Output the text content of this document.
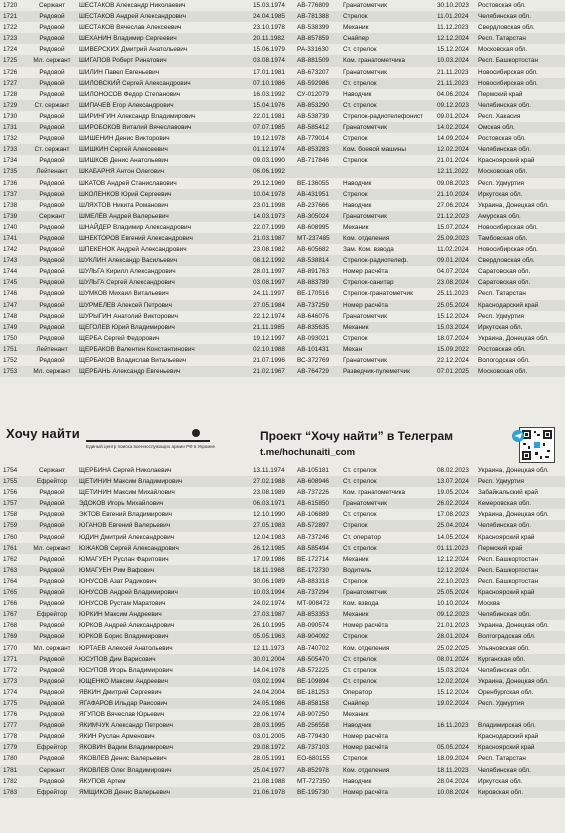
1720	Сержант	ШЕСТАКОВ Александр Николаевич	15.03.1974	АВ-776809	Гранатометчик	30.10.2023	Ростовская обл.
1721	Рядовой	ШЕСТАКОВ Андрей Александрович	24.04.1985	АВ-781388	Стрелок	11.01.2024	Челябинская обл.
1722	Рядовой	ШЕСТАКОВ Вячеслав Алексеевич	23.10.1978	АВ-538399	Механик	11.12.2023	Свердловская обл.
1723	Рядовой	ШЕХАНИН Владимир Сергеевич	20.11.1982	АВ-857859	Снайпер	12.12.2024	Респ. Татарстан
1724	Рядовой	ШИВЕРСКИХ Дмитрий Анатольевич	15.06.1979	РА-331630	Ст. стрелок	15.12.2024	Московская обл.
1725	Мл. сержант	ШИГАПОВ Роберт Ринатович	03.08.1974	АВ-881509	Ком. гранатометчика	10.03.2024	Респ. Башкортостан
1726	Рядовой	ШИЛИН Павел Евгеньевич	17.01.1981	АВ-673207	Гранатометчик	21.11.2023	Новосибирская обл.
1727	Рядовой	ШИЛОВСКИЙ Сергей Александрович	07.10.1986	АВ-592986	Ст. стрелок	21.11.2023	Новосибирская обл.
1728	Рядовой	ШИЛОНОСОВ Федор Степанович	16.03.1992	СУ-012079	Наводчик	04.06.2024	Пермский край
1729	Ст. сержант	ШИПАЧЕВ Егор Александрович	15.04.1976	АВ-853290	Ст. стрелок	09.12.2023	Челябинская обл.
1730	Рядовой	ШИРИНГИН Александр Владимирович	22.01.1981	АВ-538739	Стрелок-радиотелефонист	09.01.2024	Респ. Хакасия
1731	Рядовой	ШИРОБОКОВ Виталий Вячеславович	07.07.1985	АВ-585412	Гранатометчик	14.02.2024	Омская обл.
1732	Рядовой	ШИШЕНИН Денис Викторович	19.12.1978	АВ-779014	Стрелок	14.09.2024	Ростовская обл.
1733	Ст. сержант	ШИШКИН Сергей Алексеевич	01.12.1974	АВ-853283	Ком. боевой машины	12.02.2024	Челябинская обл.
1734	Рядовой	ШИШКОВ Денис Анатольевич	09.03.1990	АВ-717846	Стрелок	21.01.2024	Красноярский край
1735	Лейтенант	ШКАБАРНЯ Антон Олегович	06.06.1992	12.11.2022	Московская обл.
1736	Рядовой	ШКАТОВ Андрей Станиславович	29.12.1969	ВЕ-136055	Наводчик	09.08.2023	Респ. Удмуртия
1737	Рядовой	ШКОЛЕНКОВ Юрий Сергеевич	10.04.1978	АВ-431951	Стрелок	21.10.2024	Иркутская обл.
1738	Рядовой	ШЛЯХТОВ Никита Романович	23.01.1998	АВ-237666	Наводчик	27.06.2024	Украина, Донецкая обл.
1739	Сержант	ШМЕЛЁВ Андрей Валерьевич	14.03.1973	АВ-305024	Гранатометчик	21.12.2023	Амурская обл.
1740	Рядовой	ШНАЙДЕР Владимир Александрович	22.07.1999	АВ-608995	Механик	15.07.2024	Новосибирская обл.
1741	Рядовой	ШНЕКТОРОВ Евгений Александрович	21.03.1987	МТ-237485	Ком. отделения	25.09.2023	Тамбовская обл.
1742	Рядовой	ШПЕКЕНОК Андрей Александрович	23.08.1982	АВ-605682	Зам. Ком. взвода	11.02.2024	Новосибирская обл.
1743	Рядовой	ШУКЛИН Александр Васильевич	08.12.1992	АВ-538814	Стрелок-радиотелеф.	09.01.2024	Свердловская обл.
1744	Рядовой	ШУЛЬГА Кирилл Александрович	28.01.1997	АВ-891763	Номер расчёта	04.07.2024	Саратовская обл.
1745	Рядовой	ШУЛЬГА Сергей Александрович	03.08.1997	АВ-883789	Стрелок-санитар	23.08.2024	Саратовская обл.
1746	Рядовой	ШУМКОВ Михаил Витальевич	24.11.1997	ВЕ-170516	Стрелок-гранатометчик	25.11.2023	Респ. Татарстан
1747	Рядовой	ШУРМЕЛЕВ Алексей Петрович	27.05.1984	АВ-737259	Номер расчёта	25.05.2024	Краснодарский край
1748	Рядовой	ШУРЫГИН Анатолий Викторович	22.12.1974	АВ-646076	Гранатометчик	15.12.2024	Респ. Удмуртия
1749	Рядовой	ЩЕГОЛЕВ Юрий Владимирович	21.11.1985	АВ-835635	Механик	15.03.2024	Иркутская обл.
1750	Рядовой	ЩЕРБА Сергей Федорович	19.12.1997	АВ-093021	Стрелок	18.07.2024	Украина, Донецкая обл.
1751	Лейтенант	ЩЕРБАКОВ Валентин Константинович	02.10.1988	АВ-101431	Механ	15.09.2022	Ростовская обл.
1752	Рядовой	ЩЕРБАКОВ Владислав Витальевич	21.07.1996	ВС-372769	Гранатометчик	22.12.2024	Вологодская обл.
1753	Мл. сержант	ЩЕРБАНЬ Александр Евгеньевич	21.02.1967	АВ-764729	Разведчик-пулеметчик	07.01.2025	Московская обл.
Хочу найти
Единый центр поиска военнослужащих армии РФ в Украине
Проект “Хочу найти” в Телеграм
t.me/hochunaiti_com
1754	Сержант	ЩЕРБИНА Сергей Николаевич	13.11.1974	АВ-105181	Ст. стрелок	08.02.2023	Украина, Донецкая обл.
1755	Ефрейтор	ЩЕТИНИН Максим Владимирович	27.02.1988	АВ-608946	Ст. стрелок	13.07.2024	Респ. Удмуртия
1756	Рядовой	ЩЕТИНИН Максим Михайлович	23.08.1989	АВ-737226	Ком. гранатометчика	19.05.2024	Забайкальский край
1757	Рядовой	ЭДОКОВ Игорь Михайлович	06.03.1971	АВ-615850	Гранатометчик	26.02.2024	Кемеровская обл.
1758	Рядовой	ЭКТОВ Евгений Владимирович	12.10.1990	АВ-106889	Ст. стрелок	17.08.2023	Украина, Донецкая обл.
1759	Рядовой	ЮГАНОВ Евгений Валерьевич	27.05.1983	АВ-572897	Стрелок	25.04.2024	Челябинская обл.
1760	Рядовой	ЮДИН Дмитрий Александрович	12.04.1983	АВ-737246	Ст. оператор	14.05.2024	Красноярский край
1761	Мл. сержант	ЮЖАКОВ Сергей Александрович	26.12.1985	АВ-585494	Ст. стрелок	01.11.2023	Пермский край
1762	Рядовой	ЮМАГУЕН Руслан Фаритович	17.09.1986	ВЕ-172714	Механик	12.12.2024	Респ. Башкортостан
1763	Рядовой	ЮМАГУЕН Рим Вафович	18.11.1968	ВЕ-172730	Водитель	12.12.2024	Респ. Башкортостан
1764	Рядовой	ЮНУСОВ Азат Радикович	30.06.1989	АВ-883318	Стрелок	22.10.2023	Респ. Башкортостан
1765	Рядовой	ЮНУСОВ Андрей Владимирович	10.03.1994	АВ-737294	Гранатометчик	25.05.2024	Красноярский край
1766	Рядовой	ЮНУСОВ Рустам Маратович	24.02.1974	МТ-908472	Ком. взвода	10.10.2024	Москва
1767	Ефрейтор	ЮРКИН Максим Андреевич	27.03.1987	АВ-853353	Механик	09.12.2023	Челябинская обл.
1768	Рядовой	ЮРКОВ Андрей Александрович	26.10.1995	АВ-090574	Номер расчёта	21.01.2023	Украина, Донецкая обл.
1769	Рядовой	ЮРКОВ Борис Владимирович	05.05.1963	АВ-904092	Стрелок	28.01.2024	Волгоградская обл.
1770	Мл. сержант	ЮРТАЕВ Алексей Анатольевич	12.11.1973	АВ-740702	Ком. отделения	25.02.2025	Ульяновская обл.
1771	Рядовой	ЮСУПОВ Дим Варисович	30.01.2004	АВ-505470	Ст. стрелок	08.01.2024	Курганская обл.
1772	Рядовой	ЮСУПОВ Игорь Владимирович	14.04.1978	АВ-572225	Ст. стрелок	15.03.2024	Челябинская обл.
1773	Рядовой	ЮЩЕНКО Максим Андреевич	03.02.1994	ВЕ-109894	Ст. стрелок	12.02.2024	Украина, Донецкая обл.
1774	Рядовой	ЯВКИН Дмитрий Сергеевич	24.04.2004	ВЕ-181253	Оператор	15.12.2024	Оренбургская обл.
1775	Рядовой	ЯГАФАРОВ Ильдар Раисович	24.05.1986	АВ-858158	Снайпер	19.02.2024	Респ. Удмуртия
1776	Рядовой	ЯГУПОВ Вячеслав Юрьевич	22.06.1974	АВ-907250	Механик
1777	Рядовой	ЯКИМЧУК Александр Петрович	28.03.1995	АВ-256558	Наводчик	16.11.2023	Владимирская обл.
1778	Рядовой	ЯКИН Руслан Арменович	03.01.2005	АВ-779430	Номер расчёта	Краснодарский край
1779	Ефрейтор	ЯКОВИН Вадим Владимирович	29.08.1972	АВ-737103	Номер расчёта	05.05.2024	Красноярский край
1780	Рядовой	ЯКОВЛЕВ Денис Валерьевич	28.05.1991	ЕО-680155	Стрелок	18.09.2024	Респ. Татарстан
1781	Сержант	ЯКОВЛЕВ Олег Владимирович	25.04.1977	АВ-852978	Ком. отделения	18.11.2023	Челябинская обл.
1782	Рядовой	ЯКУПОВ Артем	21.08.1988	МТ-727350	Наводчик	28.04.2024	Иркутская обл.
1783	Ефрейтор	ЯМЩИКОВ Денис Валерьевич	21.06.1978	ВЕ-195730	Номер расчёта	10.08.2024	Кировская обл.
